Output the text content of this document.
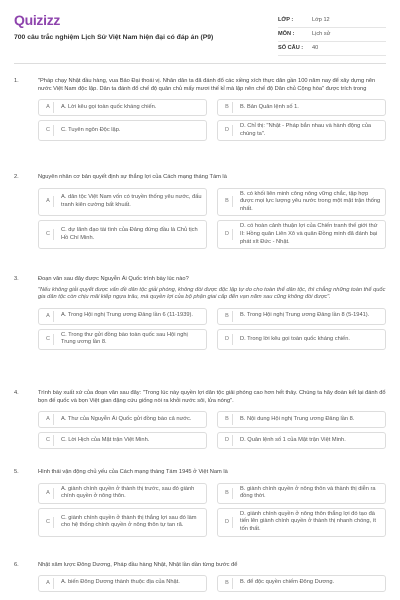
Quizizz
700 câu trắc nghiệm Lịch Sử Việt Nam hiện đại có đáp án (P9)
LỚP :	Lớp 12
MÔN :	Lịch sử
SỐ CÂU :	40
1.	"Pháp chạy Nhật đầu hàng, vua Bảo Đại thoái vị. Nhân dân ta đã đánh đổ các xiềng xích thực dân gần 100 năm nay để xây dựng nên nước Việt Nam độc lập. Dân ta đánh đổ chế độ quân chủ mấy mươi thế kỉ mà lập nên chế độ Dân chủ Cộng hòa" được trích trong
A	A. Lời kêu gọi toàn quốc kháng chiến.	B	B. Bản Quân lệnh số 1.
C	C. Tuyên ngôn Độc lập.	D
D. Chỉ thị: "Nhật - Pháp bắn nhau và hành động của chúng ta".
2.	Nguyên nhân cơ bản quyết định sự thắng lợi của Cách mạng tháng Tám là
A
A. dân tộc Việt Nam vốn có truyền thống yêu nước, đấu tranh kiên cường bất khuất.
B
B. có khối liên minh công nông vững chắc, tập hợp được mọi lực lượng yêu nước trong một mặt trận thống nhất.
C
C. dự lãnh đạo tài tình của Đảng đứng đầu là Chủ tịch Hồ Chí Minh.
D
D. có hoàn cảnh thuận lợi của Chiến tranh thế giới thứ II: Hồng quân Liên Xô và quân Đồng minh đã đánh bại phát xít Đức - Nhật.
3.	Đoạn văn sau đây được Nguyễn Ái Quốc trình bày lúc nào?
"Nếu không giải quyết được vấn đề dân tộc giải phóng, không đòi được độc lập tự do cho toàn thể dân tộc, thì chẳng những toàn thể quốc gia dân tộc còn chịu mãi kiếp ngựa trâu, mà quyền lợi của bộ phận giai cấp đến vạn năm sau cũng không đòi được".
A	A. Trong Hội nghị Trung ương Đảng lần 6 (11-1939).	B	B. Trong Hội nghị Trung ương Đảng lần 8 (5-1941).
C
C. Trong thư gửi đồng bào toàn quốc sau Hội nghị Trung ương lần 8.
D	D. Trong lời kêu gọi toàn quốc kháng chiến.
4.	Trình bày xuất xứ của đoạn văn sau đây: "Trong lúc này quyền lợi dân tộc giải phóng cao hơn hết thảy. Chúng ta hãy đoàn kết lại đánh đổ bọn đế quốc và bọn Việt gian đặng cứu giống nòi ra khỏi nước sôi, lửa nóng".
A	A. Thư của Nguyễn Ái Quốc gửi đồng bào cả nước.	B	B. Nội dung Hội nghị Trung ương Đảng lần 8.
C	C. Lời Hịch của Mặt trận Việt Minh.	D	D. Quân lệnh số 1 của Mặt trận Việt Minh.
5.	Hình thái vận động chủ yếu của Cách mạng tháng Tám 1945 ở Việt Nam là
A
A. giành chính quyền ở thành thị trước, sau đó giành chính quyền ở nông thôn.
B
B. giành chính quyền ở nông thôn và thành thị diễn ra đồng thời.
C
C. giành chính quyền ở thành thị thắng lợi sau đó làm cho hệ thống chính quyền ở nông thôn tự tan rã.
D
D. giành chính quyền ở nông thôn thắng lợi đó tạo đà tiến lên giành chính quyền ở thành thị nhanh chóng, ít tốn thất.
6.	Nhật xâm lược Đông Dương, Pháp đầu hàng Nhật, Nhật lần dần từng bước để
A	A. biến Đông Dương thành thuộc địa của Nhật.	B	B. để độc quyền chiếm Đông Dương.
